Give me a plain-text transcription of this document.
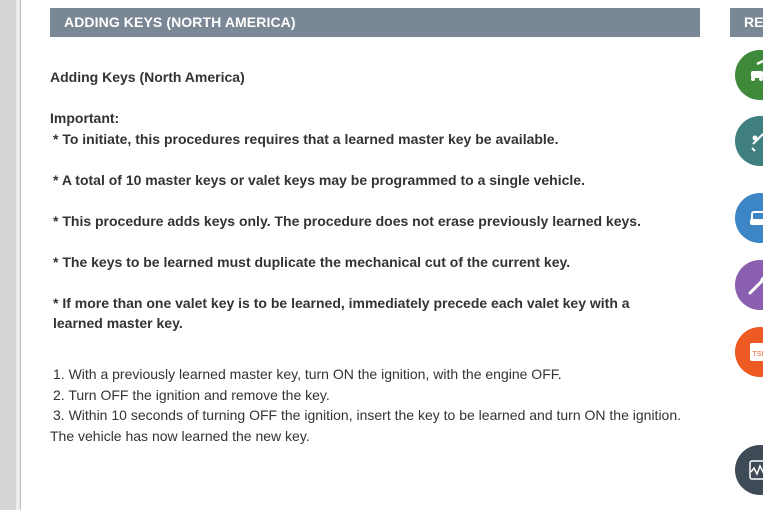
ADDING KEYS (NORTH AMERICA)
Adding Keys (North America)
Important:
* To initiate, this procedures requires that a learned master key be available.
* A total of 10 master keys or valet keys may be programmed to a single vehicle.
* This procedure adds keys only. The procedure does not erase previously learned keys.
* The keys to be learned must duplicate the mechanical cut of the current key.
* If more than one valet key is to be learned, immediately precede each valet key with a learned master key.
1. With a previously learned master key, turn ON the ignition, with the engine OFF.
2. Turn OFF the ignition and remove the key.
3. Within 10 seconds of turning OFF the ignition, insert the key to be learned and turn ON the ignition.
The vehicle has now learned the new key.
RE
TSI
